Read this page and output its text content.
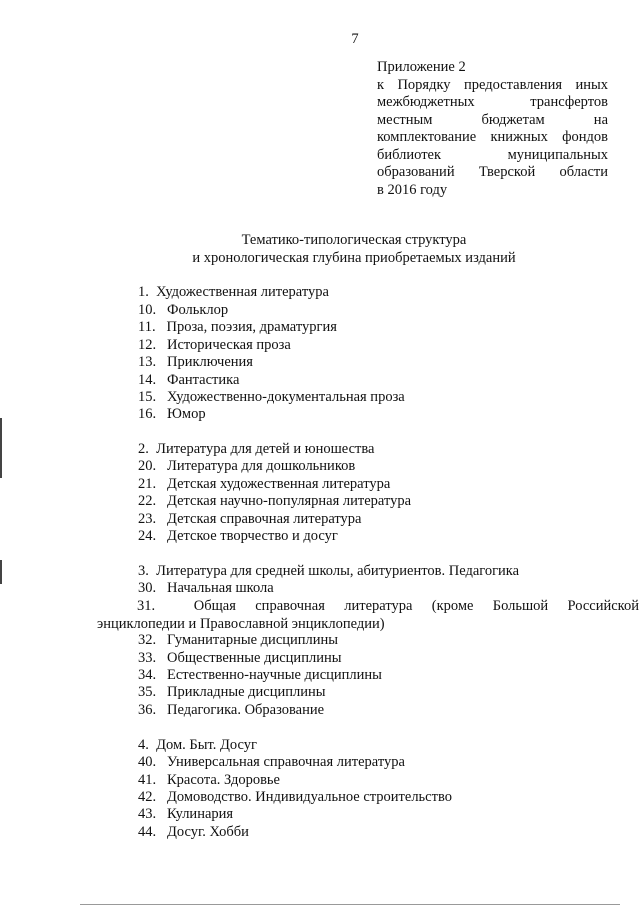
7
Приложение 2
к Порядку предоставления иных
межбюджетных трансфертов
местным бюджетам на
комплектование книжных фондов
библиотек муниципальных
образований Тверской области
в 2016 году
Тематико-типологическая структура
и хронологическая глубина приобретаемых изданий
1. Художественная литература
10. Фольклор
11. Проза, поэзия, драматургия
12. Историческая проза
13. Приключения
14. Фантастика
15. Художественно-документальная проза
16. Юмор
2. Литература для детей и юношества
20. Литература для дошкольников
21. Детская художественная литература
22. Детская научно-популярная литература
23. Детская справочная литература
24. Детское творчество и досуг
3. Литература для средней школы, абитуриентов. Педагогика
30. Начальная школа
31.	Общая справочная литература (кроме Большой Российской
энциклопедии и Православной энциклопедии)
32. Гуманитарные дисциплины
33. Общественные дисциплины
34. Естественно-научные дисциплины
35. Прикладные дисциплины
36. Педагогика. Образование
4. Дом. Быт. Досуг
40. Универсальная справочная литература
41. Красота. Здоровье
42. Домоводство. Индивидуальное строительство
43. Кулинария
44. Досуг. Хобби
